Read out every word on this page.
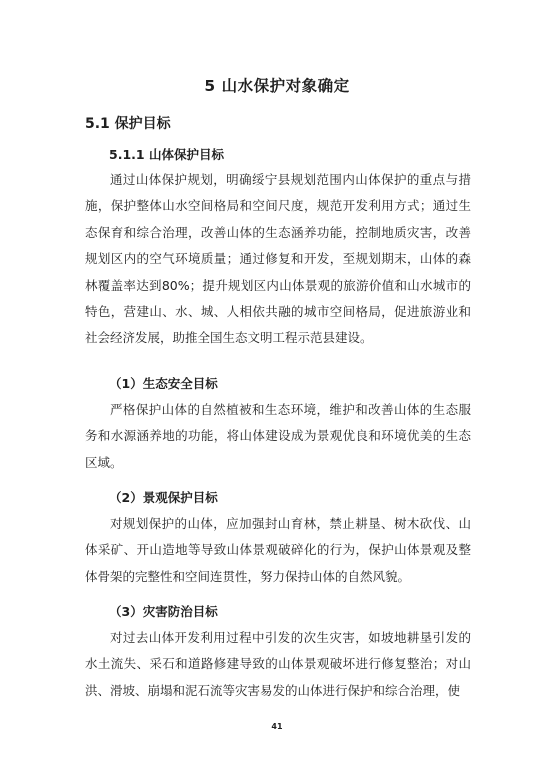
5 山水保护对象确定
5.1 保护目标
5.1.1 山体保护目标

通过山体保护规划，明确绥宁县规划范围内山体保护的重点与措施，保护整体山水空间格局和空间尺度，规范开发利用方式；通过生态保育和综合治理，改善山体的生态涵养功能，控制地质灾害，改善规划区内的空气环境质量；通过修复和开发，至规划期末，山体的森林覆盖率达到80%；提升规划区内山体景观的旅游价值和山水城市的特色，营建山、水、城、人相依共融的城市空间格局，促进旅游业和社会经济发展，助推全国生态文明工程示范县建设。

（1）生态安全目标

严格保护山体的自然植被和生态环境，维护和改善山体的生态服务和水源涵养地的功能，将山体建设成为景观优良和环境优美的生态区域。

（2）景观保护目标

对规划保护的山体，应加强封山育林，禁止耕垦、树木砍伐、山体采矿、开山造地等导致山体景观破碎化的行为，保护山体景观及整体骨架的完整性和空间连贯性，努力保持山体的自然风貌。

（3）灾害防治目标

对过去山体开发利用过程中引发的次生灾害，如坡地耕垦引发的水土流失、采石和道路修建导致的山体景观破坏进行修复整治；对山洪、滑坡、崩塌和泥石流等灾害易发的山体进行保护和综合治理，使

41
